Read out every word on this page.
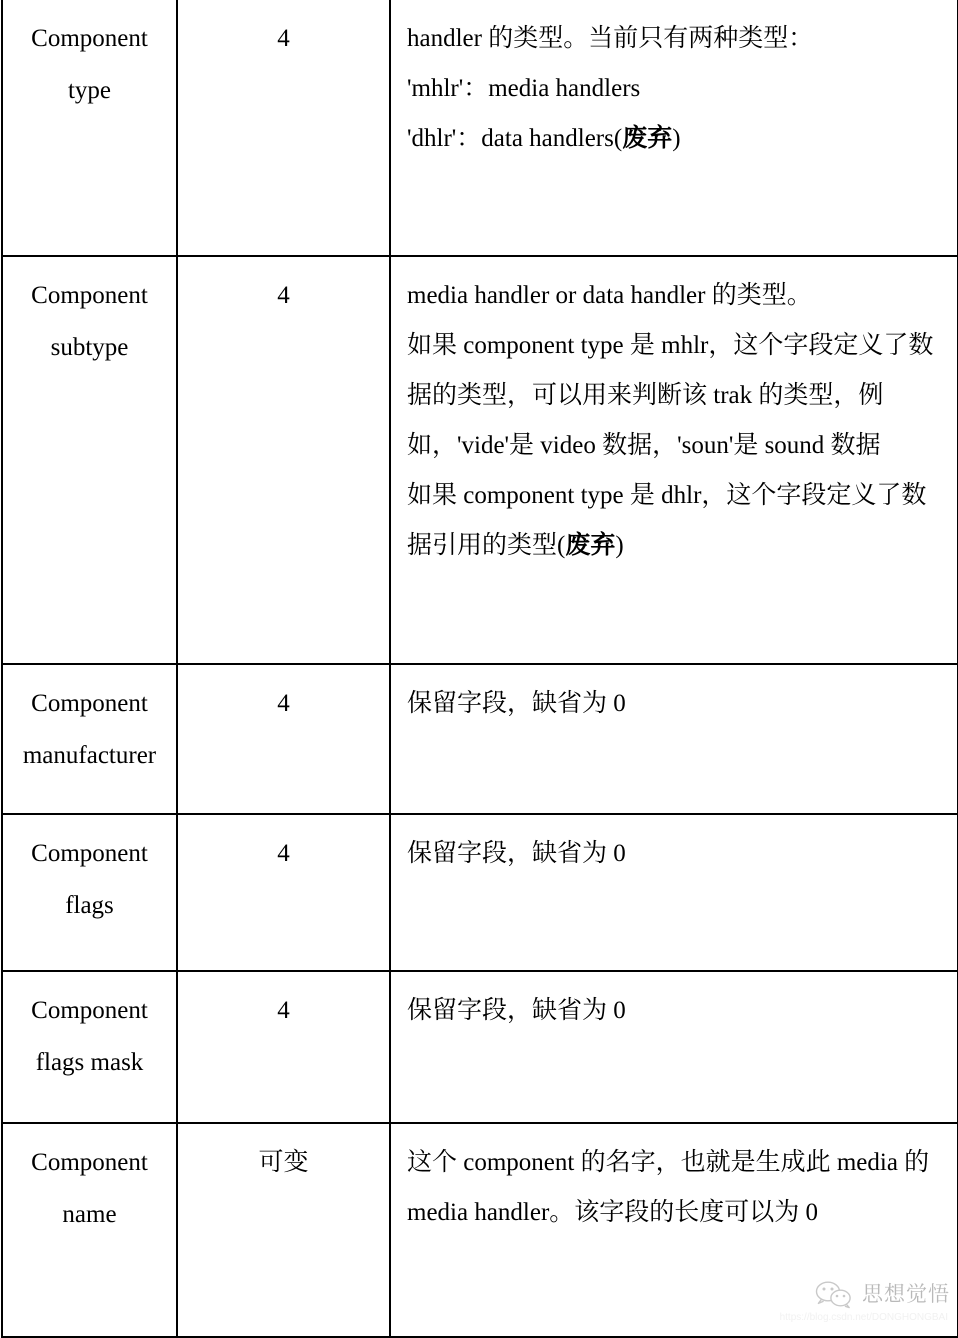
Component
type

4	handler 的类型。当前只有两种类型：
'mhlr'：media handlers
'dhlr'：data handlers(废弃)

Component
subtype

4	media handler or data handler 的类型。
如果 component type 是 mhlr，这个字段定义了数据的类型，可以用来判断该 trak 的类型，例如，'vide'是 video 数据，'soun'是 sound 数据
如果 component type 是 dhlr，这个字段定义了数据引用的类型(废弃)

Component
manufacturer	4	保留字段，缺省为 0

Component
flags	4	保留字段，缺省为 0

Component
flags mask	4	保留字段，缺省为 0

Component
name	可变	这个 component 的名字，也就是生成此 media 的 media handler。该字段的长度可以为 0
思想觉悟
https://blog.csdn.net/DONGHONGBAI
